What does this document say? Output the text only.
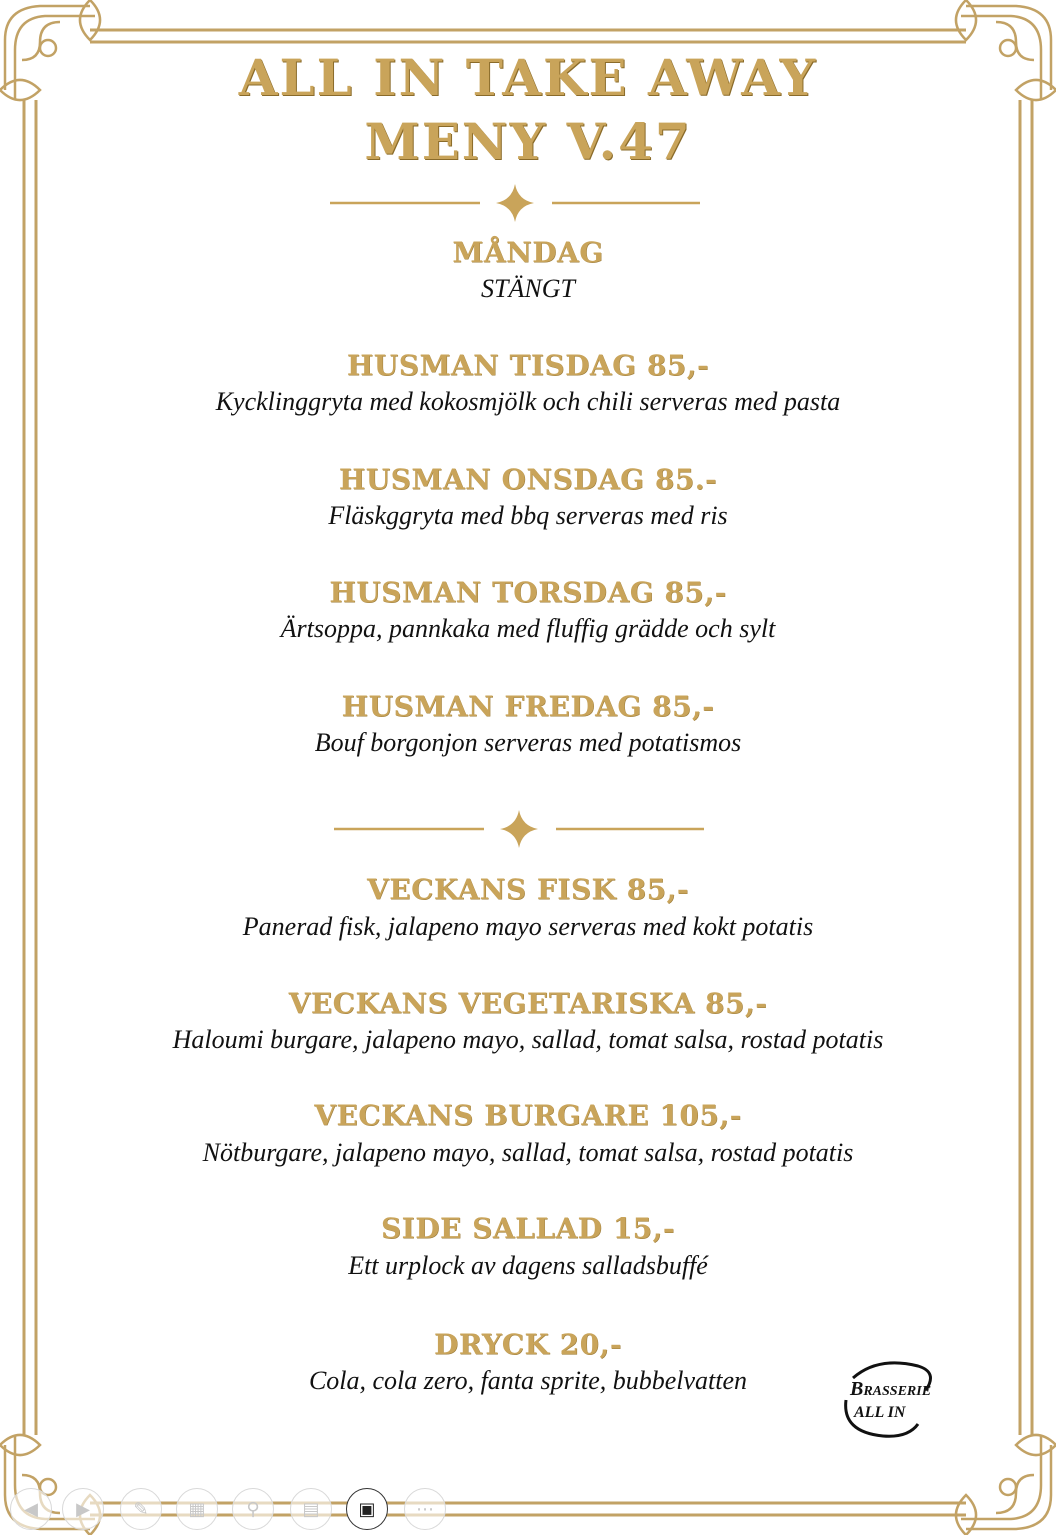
ALL IN TAKE AWAY
MENY V.47
MÅNDAG
STÄNGT
HUSMAN TISDAG 85,-
Kycklinggryta med kokosmjölk och chili serveras med pasta
HUSMAN ONSDAG 85.-
Fläskggryta med bbq serveras med ris
HUSMAN TORSDAG 85,-
Ärtsoppa, pannkaka med fluffig grädde och sylt
HUSMAN FREDAG 85,-
Bouf borgonjon serveras med potatismos
VECKANS FISK 85,-
Panerad fisk, jalapeno mayo serveras med kokt potatis
VECKANS VEGETARISKA 85,-
Haloumi burgare, jalapeno mayo, sallad, tomat salsa, rostad potatis
VECKANS BURGARE 105,-
Nötburgare, jalapeno mayo, sallad, tomat salsa, rostad potatis
SIDE SALLAD 15,-
Ett urplock av dagens salladsbuffé
DRYCK 20,-
Cola, cola zero, fanta sprite, bubbelvatten	Brasserie
ALL IN
◀	▶	✎	▦	⚲	▤	▣	⋯
